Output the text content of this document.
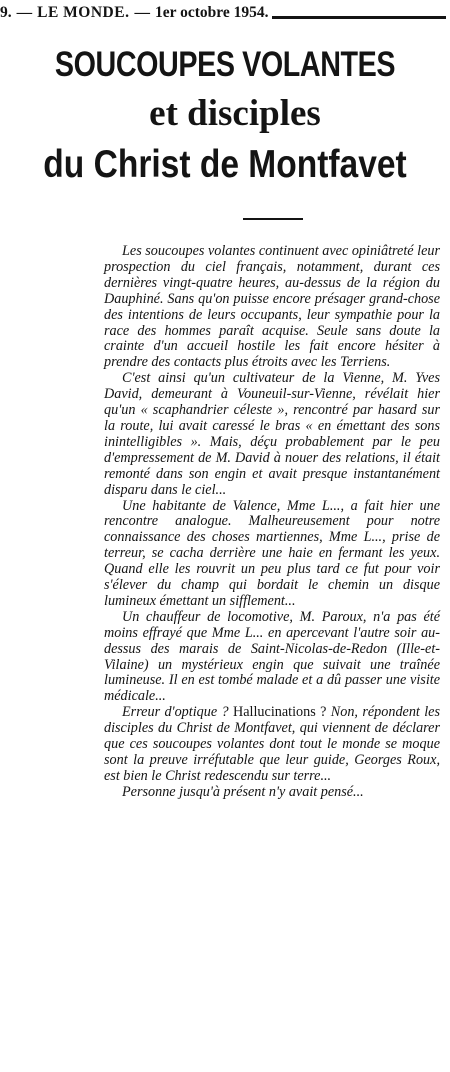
9. — LE MONDE. — 1er octobre 1954.
SOUCOUPES VOLANTES
et disciples
du Christ de Montfavet

Les soucoupes volantes continuent avec opiniâtreté leur prospection du ciel français, notamment, durant ces dernières vingt-quatre heures, au-dessus de la région du Dauphiné. Sans qu'on puisse encore présager grand-chose des intentions de leurs occupants, leur sympathie pour la race des hommes paraît acquise. Seule sans doute la crainte d'un accueil hostile les fait encore hésiter à prendre des contacts plus étroits avec les Terriens.

C'est ainsi qu'un cultivateur de la Vienne, M. Yves David, demeurant à Vouneuil-sur-Vienne, révélait hier qu'un « scaphandrier céleste », rencontré par hasard sur la route, lui avait caressé le bras « en émettant des sons inintelligibles ». Mais, déçu probablement par le peu d'empressement de M. David à nouer des relations, il était remonté dans son engin et avait presque instantanément disparu dans le ciel...

Une habitante de Valence, Mme L..., a fait hier une rencontre analogue. Malheureusement pour notre connaissance des choses martiennes, Mme L..., prise de terreur, se cacha derrière une haie en fermant les yeux. Quand elle les rouvrit un peu plus tard ce fut pour voir s'élever du champ qui bordait le chemin un disque lumineux émettant un sifflement...

Un chauffeur de locomotive, M. Paroux, n'a pas été moins effrayé que Mme L... en apercevant l'autre soir au-dessus des marais de Saint-Nicolas-de-Redon (Ille-et-Vilaine) un mystérieux engin que suivait une traînée lumineuse. Il en est tombé malade et a dû passer une visite médicale...

Erreur d'optique ? Hallucinations ? Non, répondent les disciples du Christ de Montfavet, qui viennent de déclarer que ces soucoupes volantes dont tout le monde se moque sont la preuve irréfutable que leur guide, Georges Roux, est bien le Christ redescendu sur terre...

Personne jusqu'à présent n'y avait pensé...
